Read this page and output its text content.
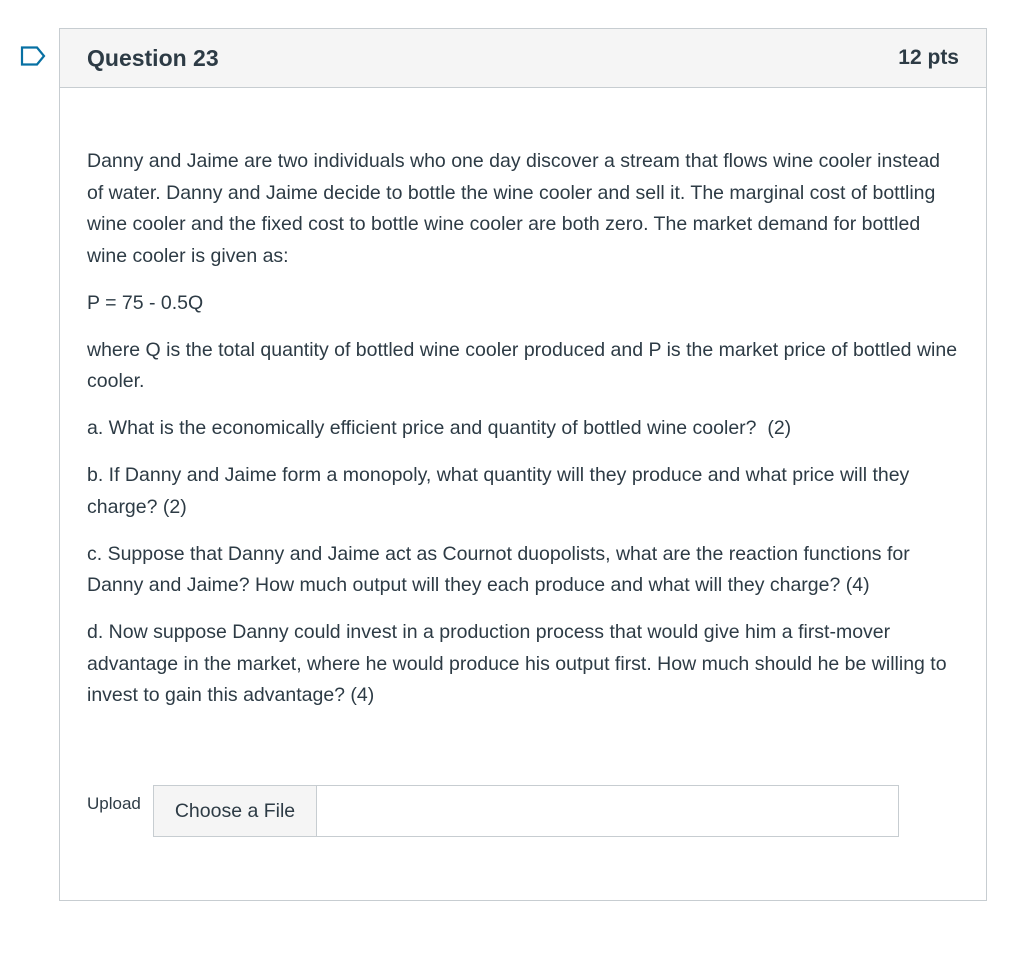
Question 23	12 pts

Danny and Jaime are two individuals who one day discover a stream that flows wine cooler instead of water. Danny and Jaime decide to bottle the wine cooler and sell it. The marginal cost of bottling wine cooler and the fixed cost to bottle wine cooler are both zero. The market demand for bottled wine cooler is given as:

P = 75 - 0.5Q

where Q is the total quantity of bottled wine cooler produced and P is the market price of bottled wine cooler.

a. What is the economically efficient price and quantity of bottled wine cooler?  (2)

b. If Danny and Jaime form a monopoly, what quantity will they produce and what price will they charge? (2)

c. Suppose that Danny and Jaime act as Cournot duopolists, what are the reaction functions for Danny and Jaime? How much output will they each produce and what will they charge? (4)

d. Now suppose Danny could invest in a production process that would give him a first-mover advantage in the market, where he would produce his output first. How much should he be willing to invest to gain this advantage? (4)

Upload	Choose a File
